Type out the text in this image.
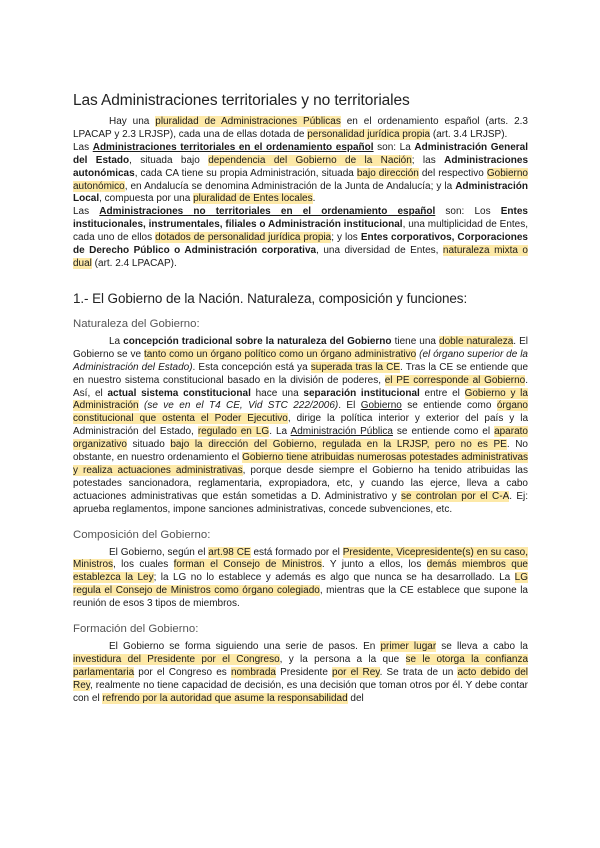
Las Administraciones territoriales y no territoriales

Hay una pluralidad de Administraciones Públicas en el ordenamiento español (arts. 2.3 LPACAP y 2.3 LRJSP), cada una de ellas dotada de personalidad jurídica propia (art. 3.4 LRJSP).

Las Administraciones territoriales en el ordenamiento español son: La Administración General del Estado, situada bajo dependencia del Gobierno de la Nación; las Administraciones autonómicas, cada CA tiene su propia Administración, situada bajo dirección del respectivo Gobierno autonómico, en Andalucía se denomina Administración de la Junta de Andalucía; y la Administración Local, compuesta por una pluralidad de Entes locales.

Las Administraciones no territoriales en el ordenamiento español son: Los Entes institucionales, instrumentales, filiales o Administración institucional, una multiplicidad de Entes, cada uno de ellos dotados de personalidad jurídica propia; y los Entes corporativos, Corporaciones de Derecho Público o Administración corporativa, una diversidad de Entes, naturaleza mixta o dual (art. 2.4 LPACAP).

1.- El Gobierno de la Nación. Naturaleza, composición y funciones:
Naturaleza del Gobierno:

La concepción tradicional sobre la naturaleza del Gobierno tiene una doble naturaleza. El Gobierno se ve tanto como un órgano político como un órgano administrativo (el órgano superior de la Administración del Estado). Esta concepción está ya superada tras la CE. Tras la CE se entiende que en nuestro sistema constitucional basado en la división de poderes, el PE corresponde al Gobierno. Así, el actual sistema constitucional hace una separación institucional entre el Gobierno y la Administración (se ve en el T4 CE, Vid STC 222/2006). El Gobierno se entiende como órgano constitucional que ostenta el Poder Ejecutivo, dirige la política interior y exterior del país y la Administración del Estado, regulado en LG. La Administración Pública se entiende como el aparato organizativo situado bajo la dirección del Gobierno, regulada en la LRJSP, pero no es PE. No obstante, en nuestro ordenamiento el Gobierno tiene atribuidas numerosas potestades administrativas y realiza actuaciones administrativas, porque desde siempre el Gobierno ha tenido atribuidas las potestades sancionadora, reglamentaria, expropiadora, etc, y cuando las ejerce, lleva a cabo actuaciones administrativas que están sometidas a D. Administrativo y se controlan por el C-A. Ej: aprueba reglamentos, impone sanciones administrativas, concede subvenciones, etc.

Composición del Gobierno:

El Gobierno, según el art.98 CE está formado por el Presidente, Vicepresidente(s) en su caso, Ministros, los cuales forman el Consejo de Ministros. Y junto a ellos, los demás miembros que establezca la Ley; la LG no lo establece y además es algo que nunca se ha desarrollado. La LG regula el Consejo de Ministros como órgano colegiado, mientras que la CE establece que supone la reunión de esos 3 tipos de miembros.

Formación del Gobierno:

El Gobierno se forma siguiendo una serie de pasos. En primer lugar se lleva a cabo la investidura del Presidente por el Congreso, y la persona a la que se le otorga la confianza parlamentaria por el Congreso es nombrada Presidente por el Rey. Se trata de un acto debido del Rey, realmente no tiene capacidad de decisión, es una decisión que toman otros por él. Y debe contar con el refrendo por la autoridad que asume la responsabilidad del
